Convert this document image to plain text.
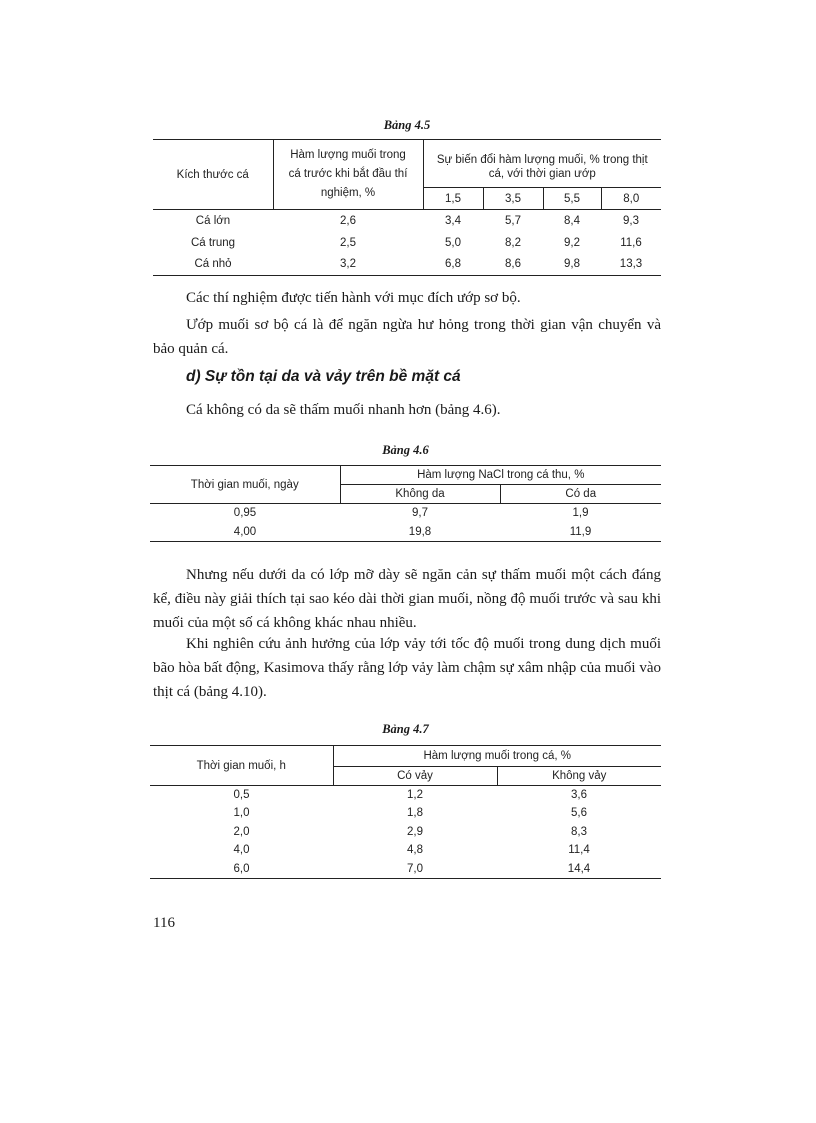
Bảng 4.5
Kích thước cá	Hàm lượng muối trong
cá trước khi bắt đầu thí
nghiệm, %	Sự biến đổi hàm lượng muối, % trong thịt			
		cá, với thời gian ướp			
		1,5	3,5	5,5	8,0
Cá lớn	2,6	3,4	5,7	8,4	9,3
Cá trung	2,5	5,0	8,2	9,2	11,6
Cá nhỏ	3,2	6,8	8,6	9,8	13,3
Các thí nghiệm được tiến hành với mục đích ướp sơ bộ.
Ướp muối sơ bộ cá là để ngăn ngừa hư hỏng trong thời gian vận chuyển và bảo quản cá.
d) Sự tồn tại da và vảy trên bề mặt cá
Cá không có da sẽ thấm muối nhanh hơn (bảng 4.6).
Bảng 4.6
Thời gian muối, ngày	Hàm lượng NaCl trong cá thu, %	
	Không da	Có da
0,95	9,7	1,9
4,00	19,8	11,9
Nhưng nếu dưới da có lớp mỡ dày sẽ ngăn cản sự thấm muối một cách đáng kể, điều này giải thích tại sao kéo dài thời gian muối, nồng độ muối trước và sau khi muối của một số cá không khác nhau nhiều.
Khi nghiên cứu ảnh hưởng của lớp vảy tới tốc độ muối trong dung dịch muối bão hòa bất động, Kasimova thấy rằng lớp vảy làm chậm sự xâm nhập của muối vào thịt cá (bảng 4.10).
Bảng 4.7
Thời gian muối, h	Hàm lượng muối trong cá, %	
	Có vảy	Không vảy
0,5	1,2	3,6
1,0	1,8	5,6
2,0	2,9	8,3
4,0	4,8	11,4
6,0	7,0	14,4
116
